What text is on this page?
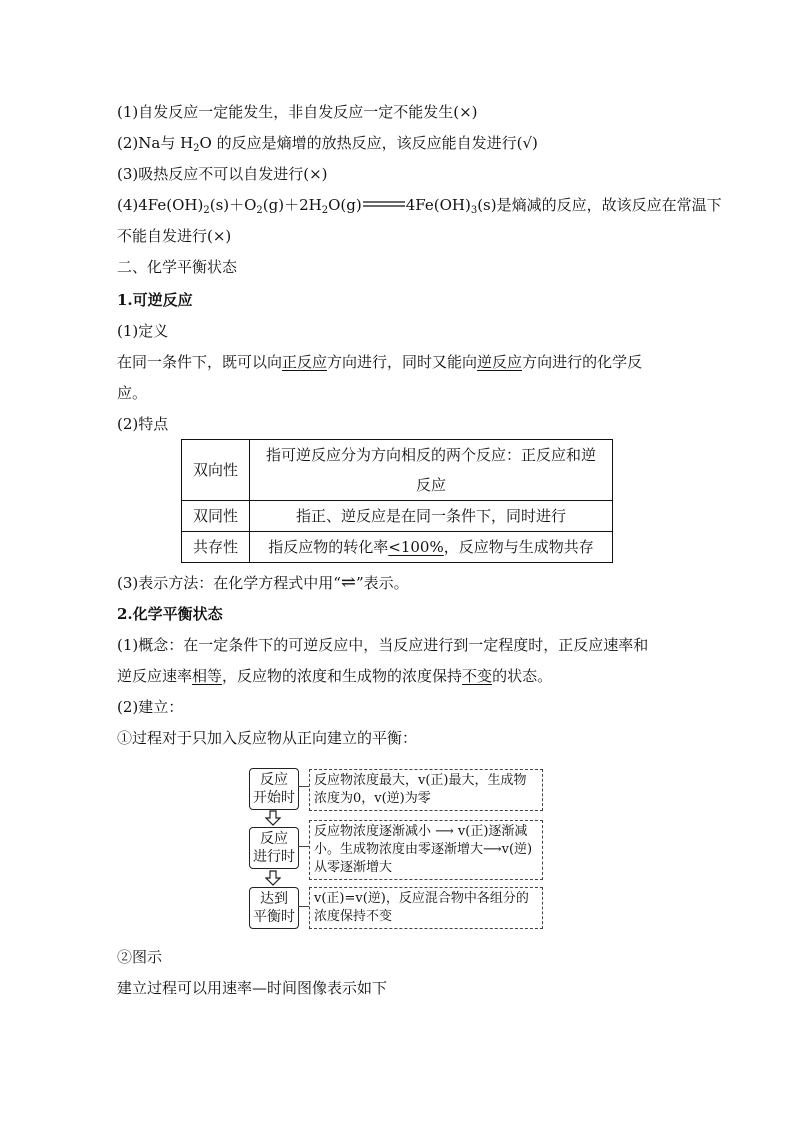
(1)自发反应一定能发生，非自发反应一定不能发生(×)
(2)Na与 $H_2O$ 的反应是熵增的放热反应，该反应能自发进行(√)
(3)吸热反应不可以自发进行(×)
$(4)4Fe(OH)_2(s)+O_2(g)+2H_2O(g)$	$4Fe(OH)_3(s)$是熵减的反应，故该反应在常温下
不能自发进行(×)
二、化学平衡状态
1.可逆反应
(1)定义
在同一条件下，既可以向正反应方向进行，同时又能向逆反应方向进行的化学反
应。
(2)特点
双向性	指可逆反应分为方向相反的两个反应：正反应和逆
反应

双同性	指正、逆反应是在同一条件下，同时进行
共存性	指反应物的转化率<100%，反应物与生成物共存
(3)表示方法：在化学方程式中用“⇌”表示。
2.化学平衡状态
(1)概念：在一定条件下的可逆反应中，当反应进行到一定程度时，正反应速率和
逆反应速率相等，反应物的浓度和生成物的浓度保持不变的状态。
(2)建立：
①过程对于只加入反应物从正向建立的平衡：
反应
开始时
反应物浓度最大，v(正)最大，生成物浓度为0，v(逆)为零
反应
进行时
反应物浓度逐渐减小 ⟶ v(正)逐渐减小。生成物浓度由零逐渐增大⟶v(逆)从零逐渐增大
达到
平衡时
v(正)=v(逆)，反应混合物中各组分的浓度保持不变
②图示
建立过程可以用速率—时间图像表示如下
